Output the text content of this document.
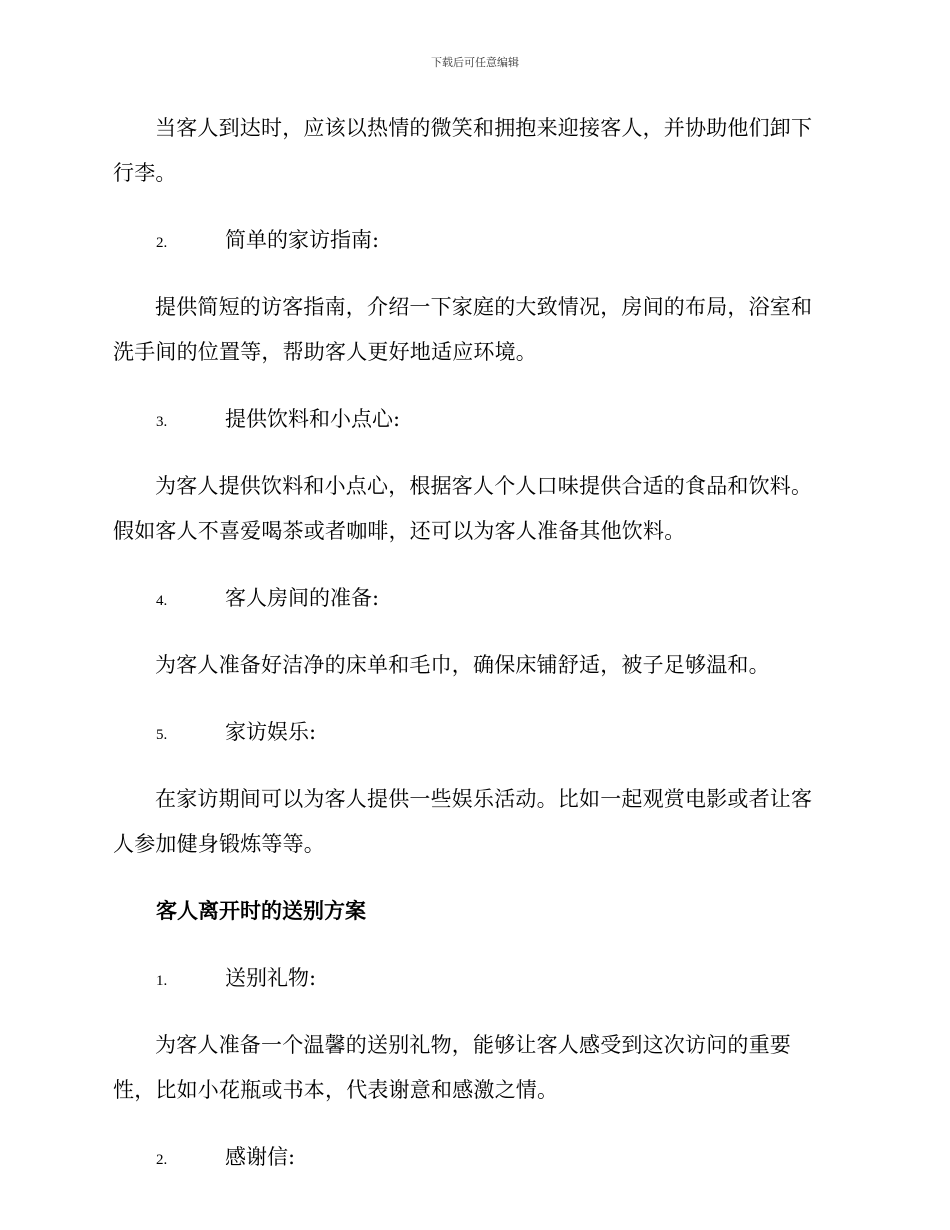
下载后可任意编辑

当客人到达时，应该以热情的微笑和拥抱来迎接客人，并协助他们卸下行李。

2.	简单的家访指南:

提供简短的访客指南，介绍一下家庭的大致情况，房间的布局，浴室和洗手间的位置等，帮助客人更好地适应环境。

3.	提供饮料和小点心:

为客人提供饮料和小点心，根据客人个人口味提供合适的食品和饮料。假如客人不喜爱喝茶或者咖啡，还可以为客人准备其他饮料。

4.	客人房间的准备:

为客人准备好洁净的床单和毛巾，确保床铺舒适，被子足够温和。

5.	家访娱乐:

在家访期间可以为客人提供一些娱乐活动。比如一起观赏电影或者让客人参加健身锻炼等等。

客人离开时的送别方案

1.	送别礼物:

为客人准备一个温馨的送别礼物，能够让客人感受到这次访问的重要性，比如小花瓶或书本，代表谢意和感激之情。

2.	感谢信:
